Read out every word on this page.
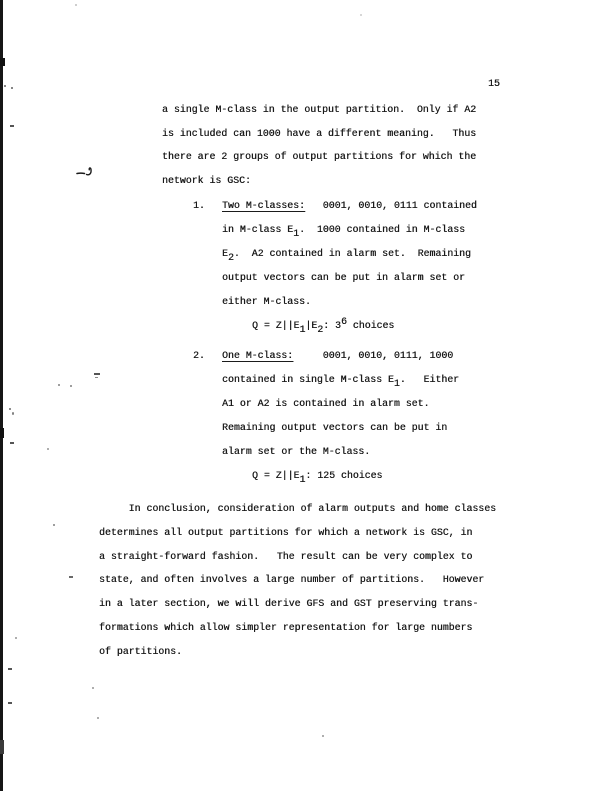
15
a single M-class in the output partition.  Only if A2
is included can 1000 have a different meaning.   Thus
there are 2 groups of output partitions for which the
network is GSC:
1. Two M-classes:   0001, 0010, 0111 contained
in M-class E1.  1000 contained in M-class
E2.  A2 contained in alarm set.  Remaining
output vectors can be put in alarm set or
either M-class.
Q = Z||E1|E2: 36 choices
2. One M-class:     0001, 0010, 0111, 1000
contained in single M-class E1.   Either
A1 or A2 is contained in alarm set.
Remaining output vectors can be put in
alarm set or the M-class.
Q = Z||E1: 125 choices
In conclusion, consideration of alarm outputs and home classes
determines all output partitions for which a network is GSC, in
a straight-forward fashion.   The result can be very complex to
state, and often involves a large number of partitions.   However
in a later section, we will derive GFS and GST preserving trans-
formations which allow simpler representation for large numbers
of partitions.
